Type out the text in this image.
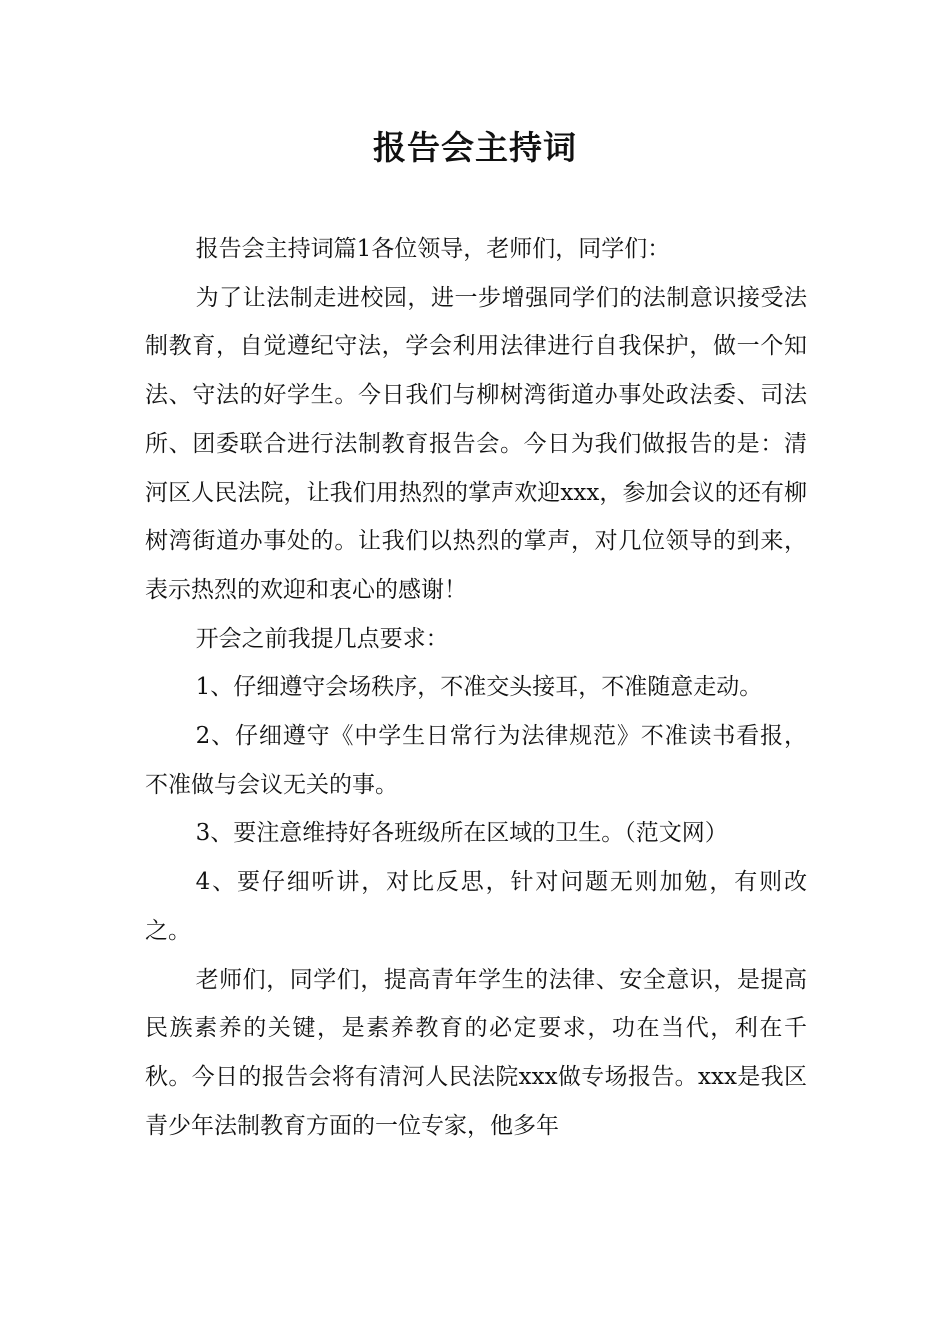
报告会主持词

报告会主持词篇1各位领导，老师们，同学们：

为了让法制走进校园，进一步增强同学们的法制意识接受法制教育，自觉遵纪守法，学会利用法律进行自我保护，做一个知法、守法的好学生。今日我们与柳树湾街道办事处政法委、司法所、团委联合进行法制教育报告会。今日为我们做报告的是：清河区人民法院，让我们用热烈的掌声欢迎xxx，参加会议的还有柳树湾街道办事处的。让我们以热烈的掌声，对几位领导的到来，表示热烈的欢迎和衷心的感谢！

开会之前我提几点要求：

1、仔细遵守会场秩序，不准交头接耳，不准随意走动。

2、仔细遵守《中学生日常行为法律规范》不准读书看报，不准做与会议无关的事。

3、要注意维持好各班级所在区域的卫生。（范文网）

4、要仔细听讲，对比反思，针对问题无则加勉，有则改之。

老师们，同学们，提高青年学生的法律、安全意识，是提高民族素养的关键，是素养教育的必定要求，功在当代，利在千秋。今日的报告会将有清河人民法院xxx做专场报告。xxx是我区青少年法制教育方面的一位专家，他多年
